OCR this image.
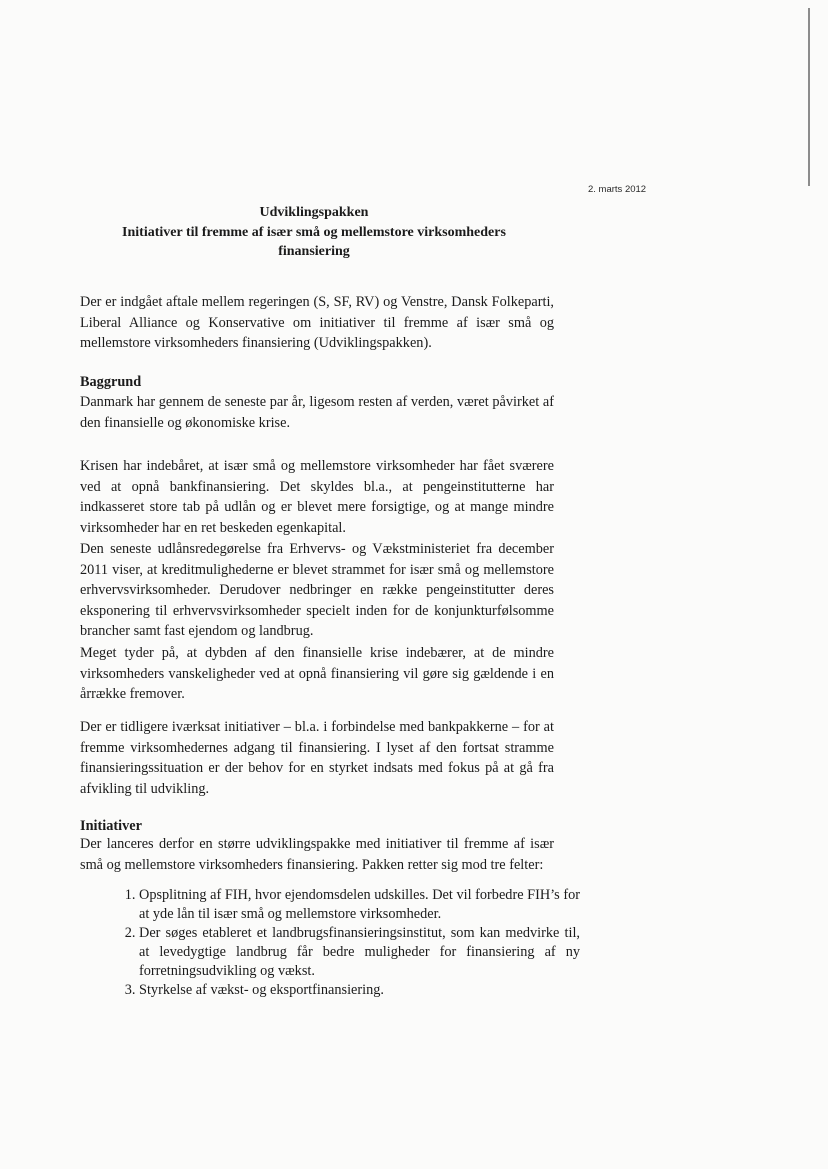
2. marts 2012
Udviklingspakken
Initiativer til fremme af især små og mellemstore virksomheders
finansiering

Der er indgået aftale mellem regeringen (S, SF, RV) og Venstre, Dansk Folkeparti, Liberal Alliance og Konservative om initiativer til fremme af især små og mellemstore virksomheders finansiering (Udviklingspakken).

Baggrund

Danmark har gennem de seneste par år, ligesom resten af verden, været påvirket af den finansielle og økonomiske krise.

Krisen har indebåret, at især små og mellemstore virksomheder har fået sværere ved at opnå bankfinansiering. Det skyldes bl.a., at pengeinstitutterne har indkasseret store tab på udlån og er blevet mere forsigtige, og at mange mindre virksomheder har en ret beskeden egenkapital.

Den seneste udlånsredegørelse fra Erhvervs- og Vækstministeriet fra december 2011 viser, at kreditmulighederne er blevet strammet for især små og mellemstore erhvervsvirksomheder. Derudover nedbringer en række pengeinstitutter deres eksponering til erhvervsvirksomheder specielt inden for de konjunkturfølsomme brancher samt fast ejendom og landbrug.

Meget tyder på, at dybden af den finansielle krise indebærer, at de mindre virksomheders vanskeligheder ved at opnå finansiering vil gøre sig gældende i en årrække fremover.

Der er tidligere iværksat initiativer – bl.a. i forbindelse med bankpakkerne – for at fremme virksomhedernes adgang til finansiering. I lyset af den fortsat stramme finansieringssituation er der behov for en styrket indsats med fokus på at gå fra afvikling til udvikling.

Initiativer

Der lanceres derfor en større udviklingspakke med initiativer til fremme af især små og mellemstore virksomheders finansiering. Pakken retter sig mod tre felter:

1. Opsplitning af FIH, hvor ejendomsdelen udskilles. Det vil forbedre FIH’s for at yde lån til især små og mellemstore virksomheder.
2. Der søges etableret et landbrugsfinansieringsinstitut, som kan medvirke til, at levedygtige landbrug får bedre muligheder for finansiering af ny forretningsudvikling og vækst.
3. Styrkelse af vækst- og eksportfinansiering.
